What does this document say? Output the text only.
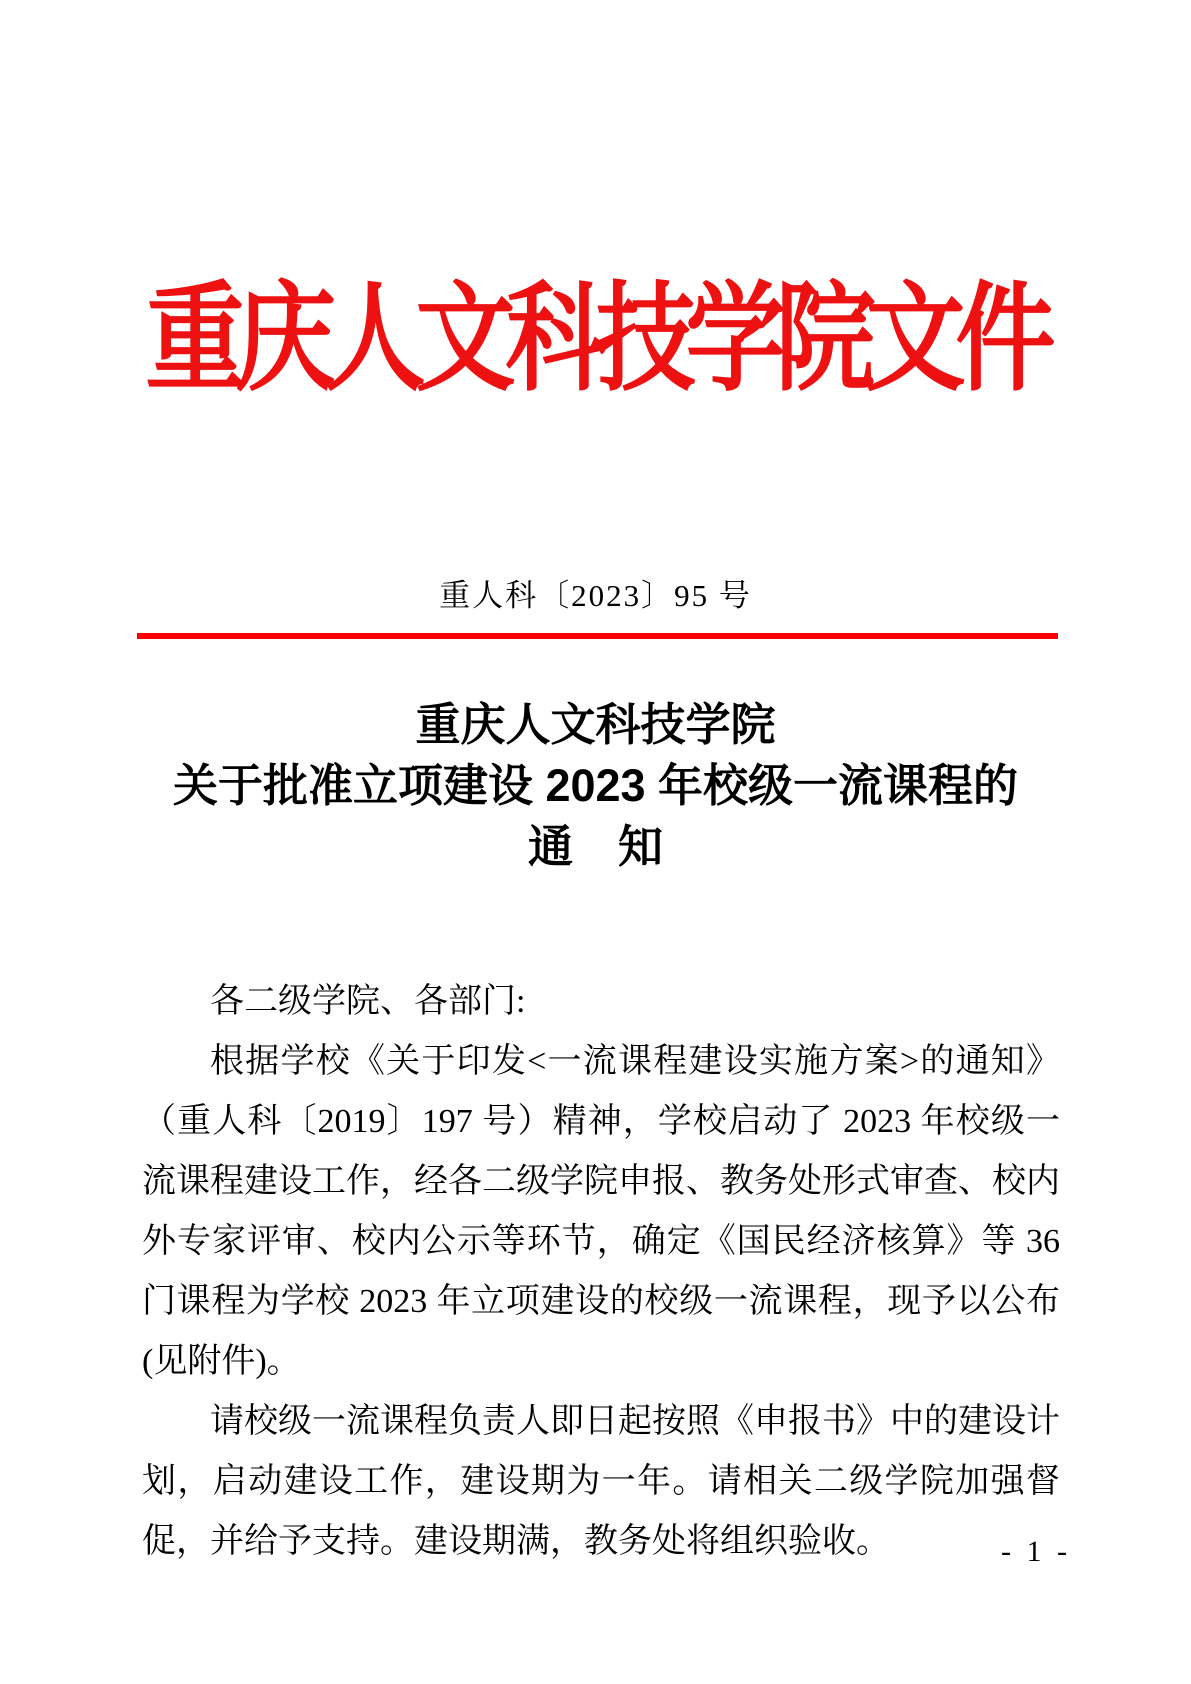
重庆人文科技学院文件
重人科〔2023〕95 号
重庆人文科技学院
关于批准立项建设 2023 年校级一流课程的
通　知
各二级学院、各部门:
根据学校《关于印发<一流课程建设实施方案>的通知》（重人科〔2019〕197 号）精神，学校启动了 2023 年校级一流课程建设工作，经各二级学院申报、教务处形式审查、校内外专家评审、校内公示等环节，确定《国民经济核算》等 36 门课程为学校 2023 年立项建设的校级一流课程，现予以公布(见附件)。
请校级一流课程负责人即日起按照《申报书》中的建设计划，启动建设工作，建设期为一年。请相关二级学院加强督促，并给予支持。建设期满，教务处将组织验收。	- 1 -
